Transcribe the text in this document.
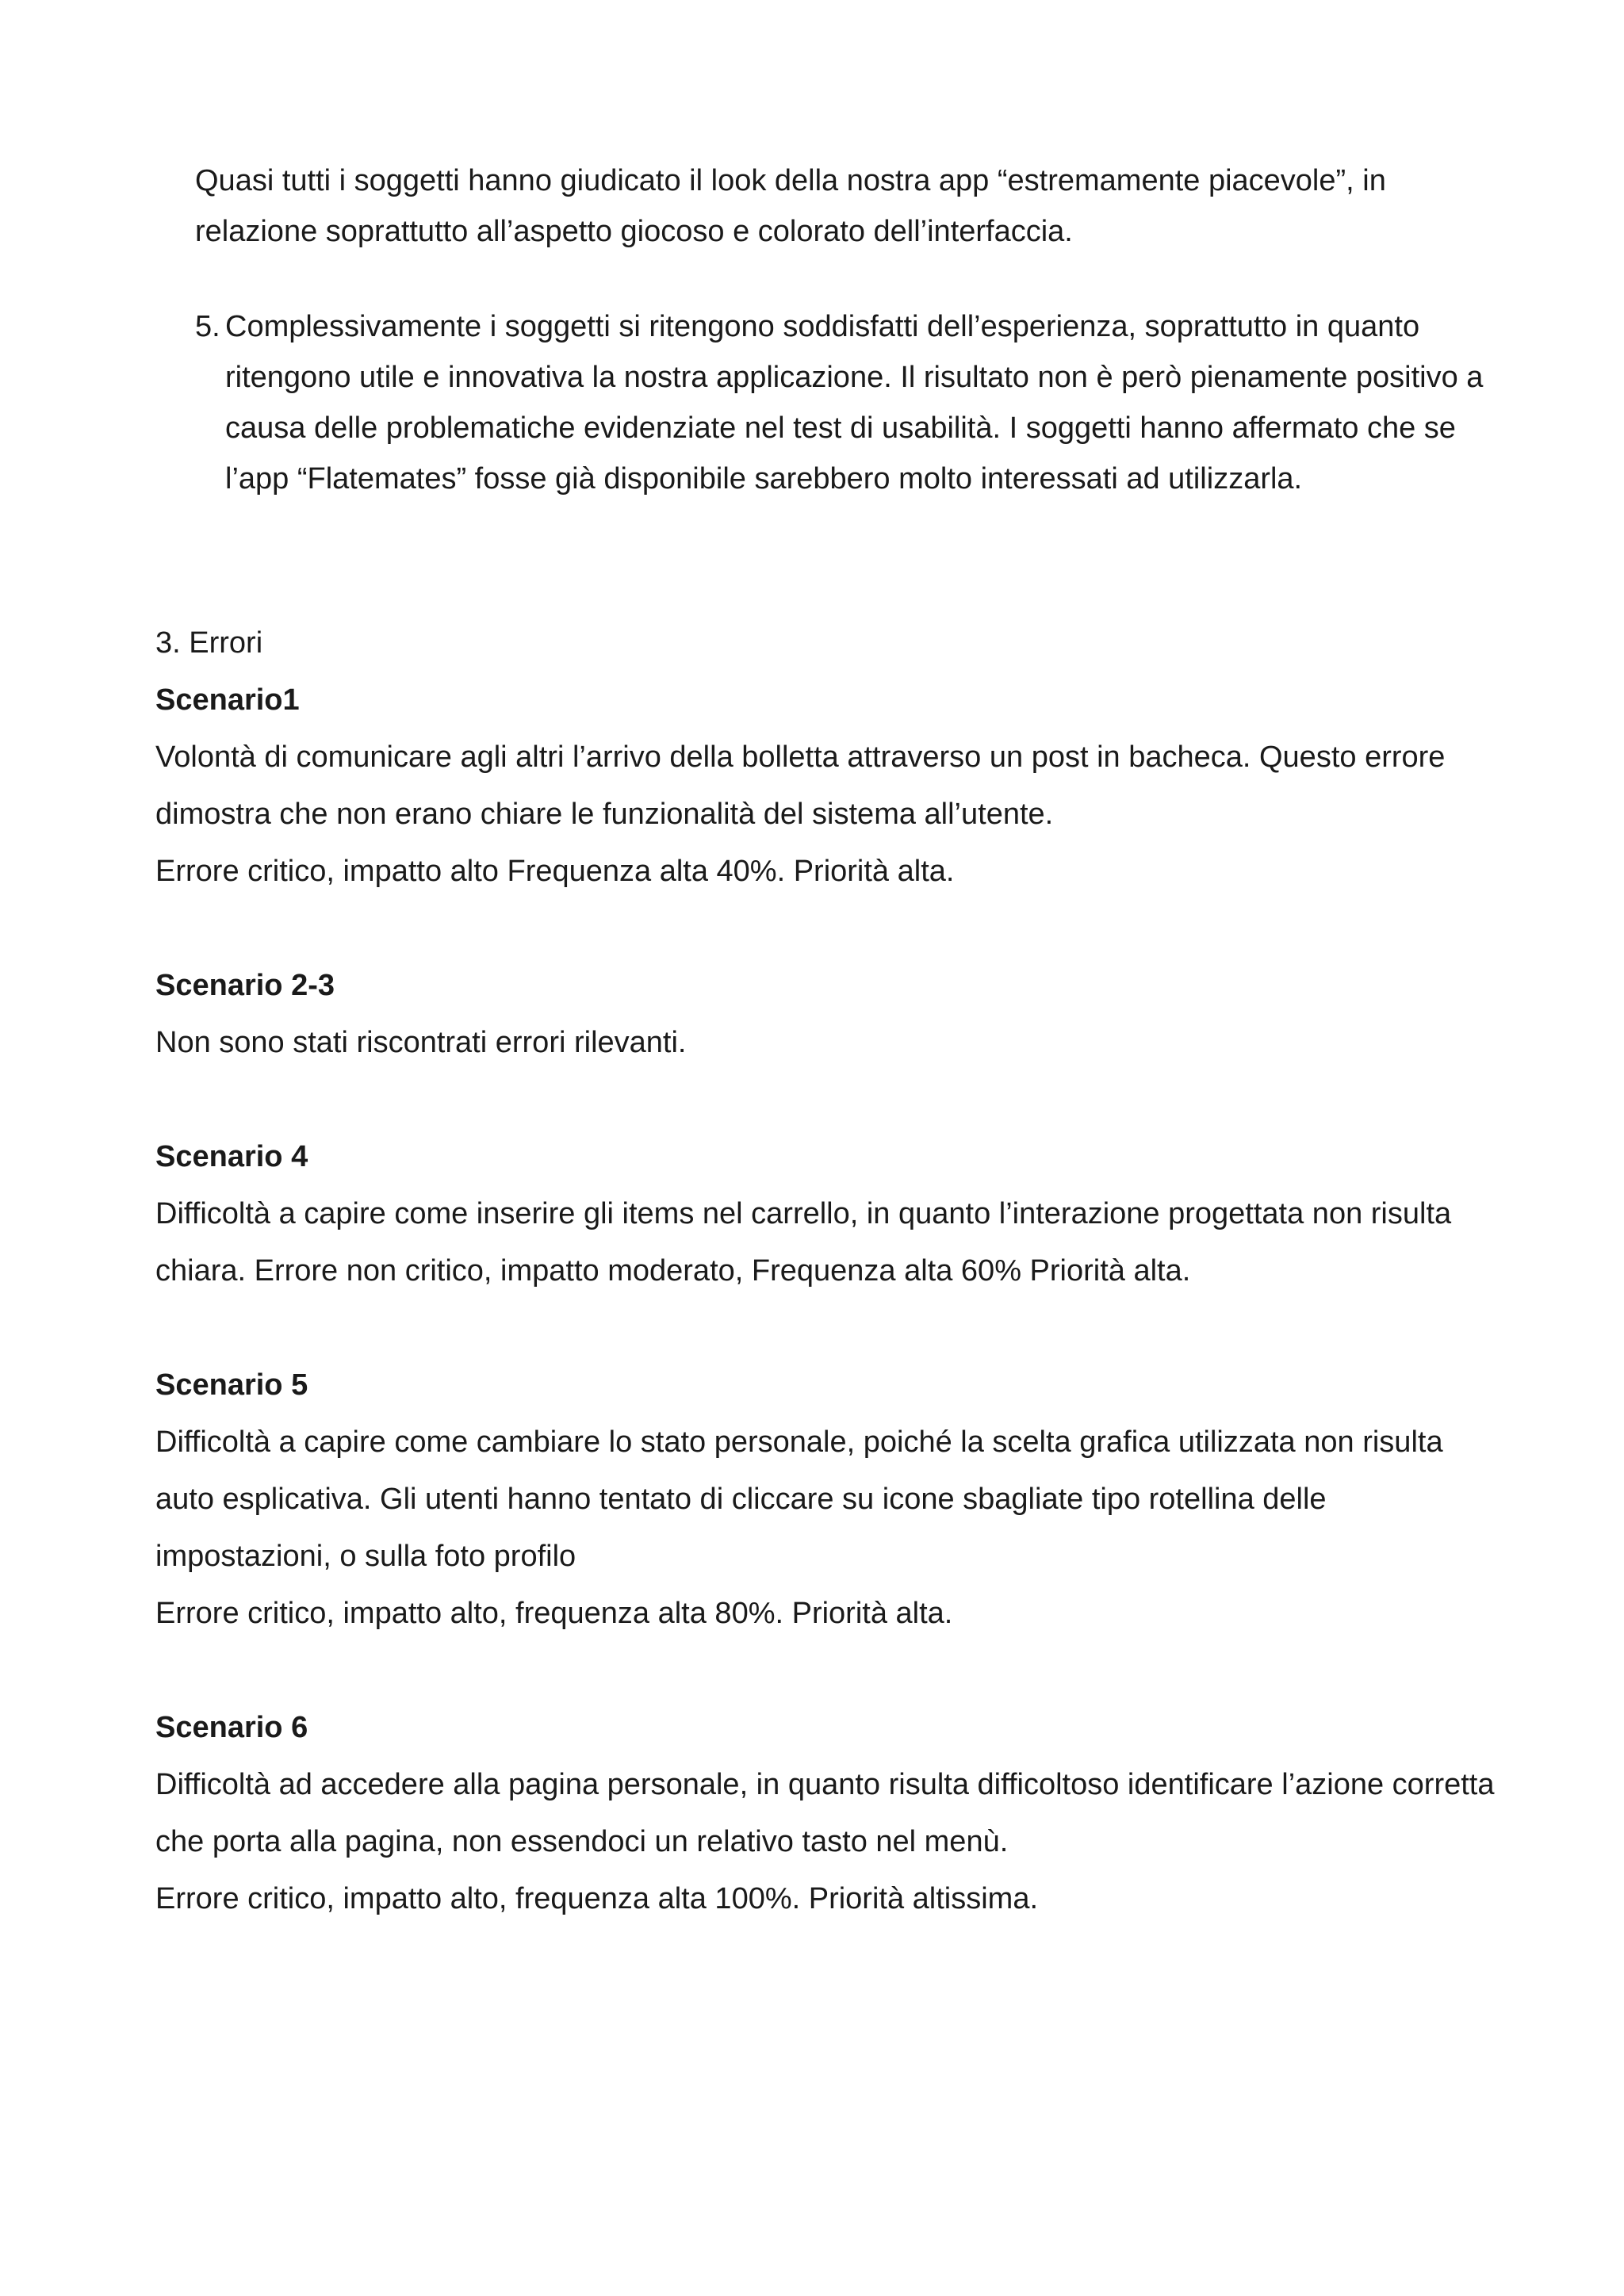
Quasi tutti i soggetti hanno giudicato il look della nostra app “estremamente piacevole”, in relazione soprattutto all’aspetto giocoso e colorato dell’interfaccia.

5. Complessivamente i soggetti si ritengono soddisfatti dell’esperienza, soprattutto in quanto ritengono utile e innovativa la nostra applicazione. Il risultato non è però pienamente positivo a causa delle problematiche evidenziate nel test di usabilità. I soggetti hanno affermato che se l’app “Flatemates” fosse già disponibile sarebbero molto interessati ad utilizzarla.

3. Errori

Scenario1

Volontà di comunicare agli altri l’arrivo della bolletta attraverso un post in bacheca. Questo errore dimostra che non erano chiare le funzionalità del sistema all’utente.

Errore critico, impatto alto Frequenza alta 40%. Priorità alta.

Scenario 2-3

Non sono stati riscontrati errori rilevanti.

Scenario 4

Difficoltà a capire come inserire gli items nel carrello, in quanto l’interazione progettata non risulta chiara. Errore non critico, impatto moderato, Frequenza alta 60% Priorità alta.

Scenario 5

Difficoltà a capire come cambiare lo stato personale, poiché la scelta grafica utilizzata non risulta auto esplicativa. Gli utenti hanno tentato di cliccare su icone sbagliate tipo rotellina delle impostazioni, o sulla foto profilo

Errore critico, impatto alto, frequenza alta 80%. Priorità alta.

Scenario 6

Difficoltà ad accedere alla pagina personale, in quanto risulta difficoltoso identificare l’azione corretta che porta alla pagina, non essendoci un relativo tasto nel menù.

Errore critico, impatto alto, frequenza alta 100%. Priorità altissima.
